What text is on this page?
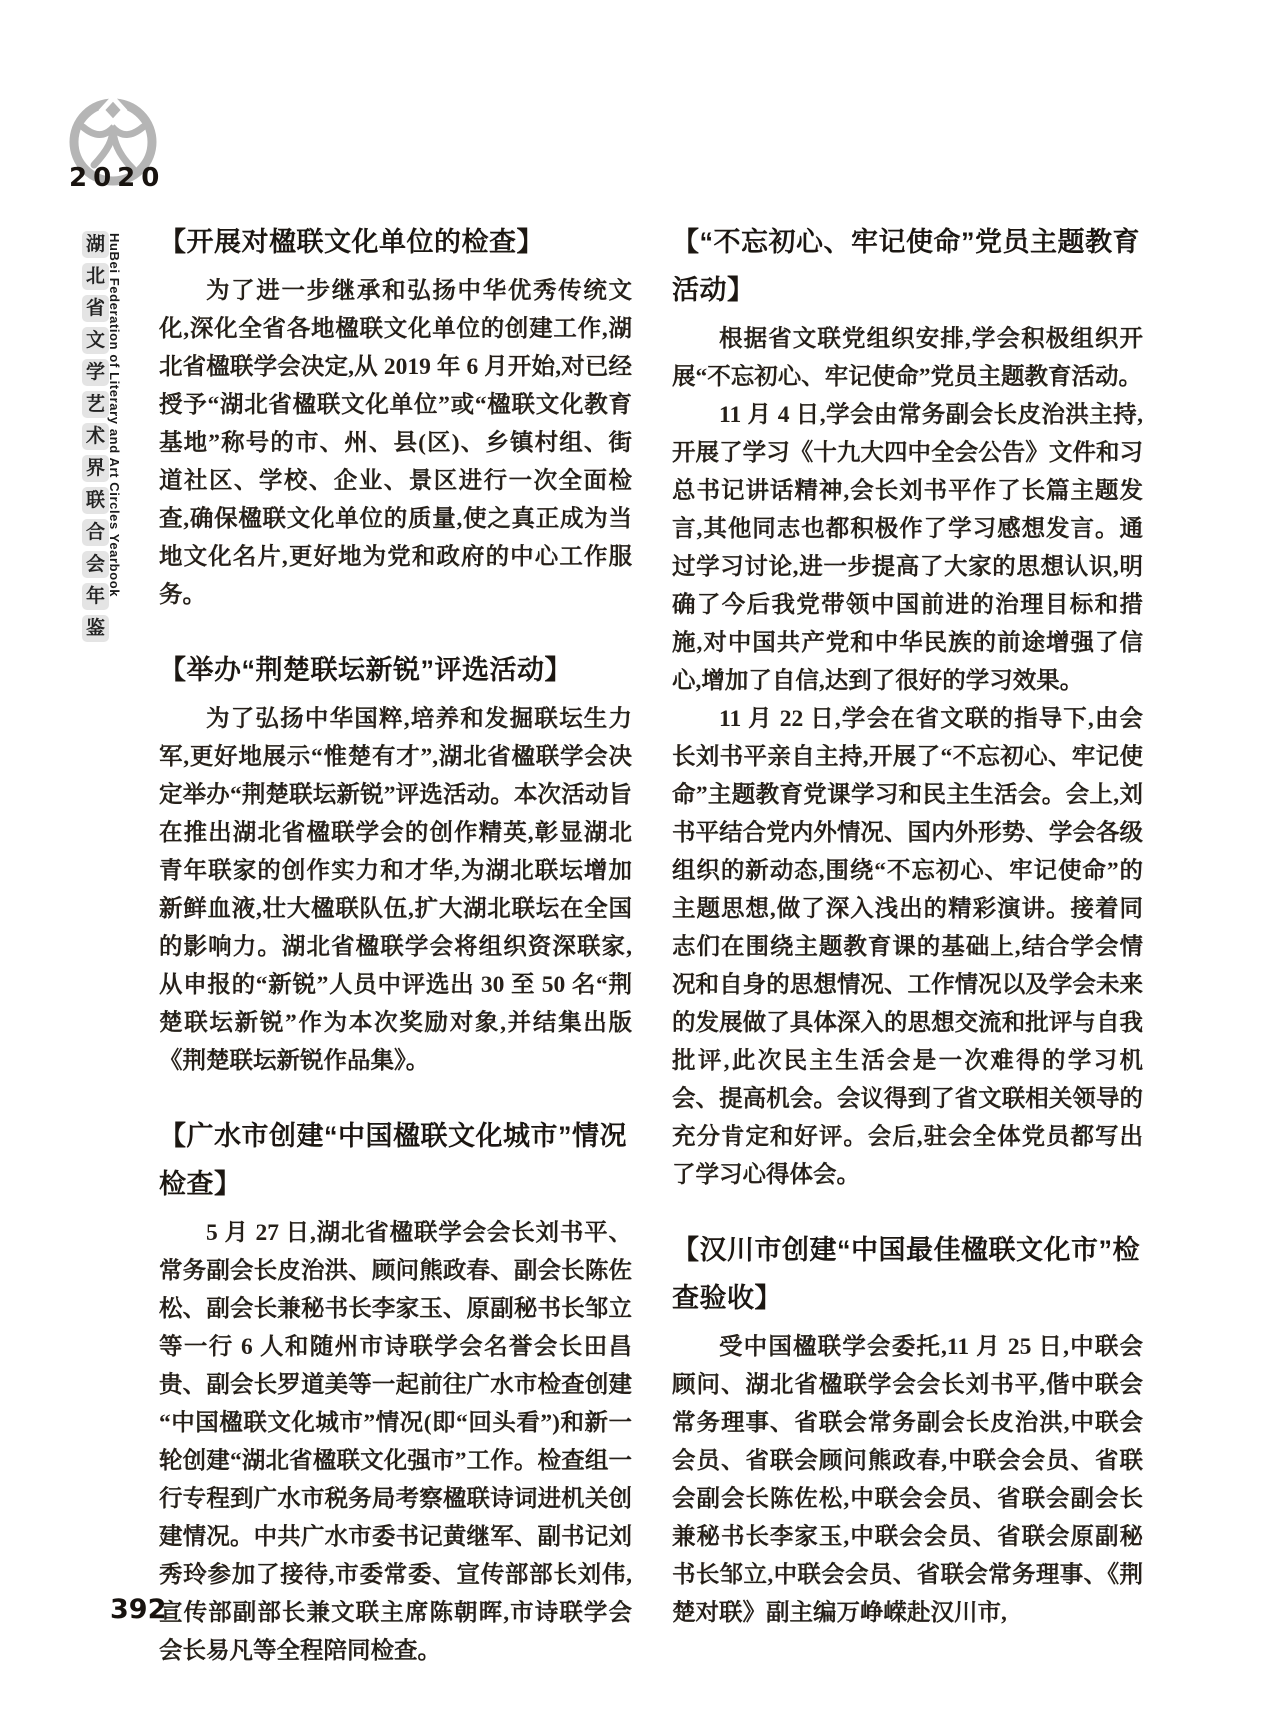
2020
湖
北
省
文
学
艺
术
界
联
合
会
年
鉴
HuBei Federation of Literary and Art Circles Yearbook 【开展对楹联文化单位的检查】

为了进一步继承和弘扬中华优秀传统文化,深化全省各地楹联文化单位的创建工作,湖北省楹联学会决定,从 2019 年 6 月开始,对已经授予“湖北省楹联文化单位”或“楹联文化教育基地”称号的市、州、县(区)、乡镇村组、街道社区、学校、企业、景区进行一次全面检查,确保楹联文化单位的质量,使之真正成为当地文化名片,更好地为党和政府的中心工作服务。

【举办“荆楚联坛新锐”评选活动】

为了弘扬中华国粹,培养和发掘联坛生力军,更好地展示“惟楚有才”,湖北省楹联学会决定举办“荆楚联坛新锐”评选活动。本次活动旨在推出湖北省楹联学会的创作精英,彰显湖北青年联家的创作实力和才华,为湖北联坛增加新鲜血液,壮大楹联队伍,扩大湖北联坛在全国的影响力。湖北省楹联学会将组织资深联家,从申报的“新锐”人员中评选出 30 至 50 名“荆楚联坛新锐”作为本次奖励对象,并结集出版《荆楚联坛新锐作品集》。

【广水市创建“中国楹联文化城市”情况检查】

5 月 27 日,湖北省楹联学会会长刘书平、常务副会长皮治洪、顾问熊政春、副会长陈佐松、副会长兼秘书长李家玉、原副秘书长邹立等一行 6 人和随州市诗联学会名誉会长田昌贵、副会长罗道美等一起前往广水市检查创建“中国楹联文化城市”情况(即“回头看”)和新一轮创建“湖北省楹联文化强市”工作。检查组一行专程到广水市税务局考察楹联诗词进机关创建情况。中共广水市委书记黄继军、副书记刘秀玲参加了接待,市委常委、宣传部部长刘伟,宣传部副部长兼文联主席陈朝晖,市诗联学会会长易凡等全程陪同检查。

【“不忘初心、牢记使命”党员主题教育活动】

根据省文联党组织安排,学会积极组织开展“不忘初心、牢记使命”党员主题教育活动。

11 月 4 日,学会由常务副会长皮治洪主持,开展了学习《十九大四中全会公告》文件和习总书记讲话精神,会长刘书平作了长篇主题发言,其他同志也都积极作了学习感想发言。通过学习讨论,进一步提高了大家的思想认识,明确了今后我党带领中国前进的治理目标和措施,对中国共产党和中华民族的前途增强了信心,增加了自信,达到了很好的学习效果。

11 月 22 日,学会在省文联的指导下,由会长刘书平亲自主持,开展了“不忘初心、牢记使命”主题教育党课学习和民主生活会。会上,刘书平结合党内外情况、国内外形势、学会各级组织的新动态,围绕“不忘初心、牢记使命”的主题思想,做了深入浅出的精彩演讲。接着同志们在围绕主题教育课的基础上,结合学会情况和自身的思想情况、工作情况以及学会未来的发展做了具体深入的思想交流和批评与自我批评,此次民主生活会是一次难得的学习机会、提高机会。会议得到了省文联相关领导的充分肯定和好评。会后,驻会全体党员都写出了学习心得体会。

【汉川市创建“中国最佳楹联文化市”检查验收】

受中国楹联学会委托,11 月 25 日,中联会顾问、湖北省楹联学会会长刘书平,偕中联会常务理事、省联会常务副会长皮治洪,中联会会员、省联会顾问熊政春,中联会会员、省联会副会长陈佐松,中联会会员、省联会副会长兼秘书长李家玉,中联会会员、省联会原副秘书长邹立,中联会会员、省联会常务理事、《荆楚对联》副主编万峥嵘赴汉川市,

392
